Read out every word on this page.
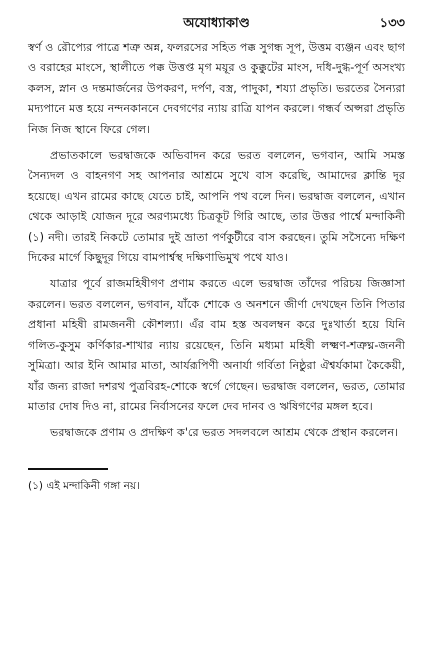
অযোধ্যাকাণ্ড	১৩৩

স্বর্ণ ও রৌপ্যের পাত্রে শত্রু অন্ন, ফলরসের সহিত পক্ক সুগন্ধ সূপ, উত্তম ব্যঞ্জন এবং ছাগ ও বরাহের মাংসে, স্থালীতে পক্ক উত্তপ্ত মৃগ ময়ূর ও কুক্কুটের মাংস, দধি-দুগ্ধ-পূর্ণ অসংখ্য কলস, স্নান ও দন্তমার্জনের উপকরণ, দর্পণ, বস্ত্র, পাদুকা, শয্যা প্রভৃতি। ভরতের সৈন্যরা মদ্যপানে মত্ত হয়ে নন্দনকাননে দেবগণের ন্যায় রাত্রি যাপন করলে। গন্ধর্ব অপ্সরা প্রভৃতি নিজ নিজ স্থানে ফিরে গেল।

প্রভাতকালে ভরদ্বাজকে অভিবাদন করে ভরত বললেন, ভগবান, আমি সমস্ত সৈন্যদল ও বাহনগণ সহ আপনার আশ্রমে সুখে বাস করেছি, আমাদের ক্লান্তি দূর হয়েছে। এখন রামের কাছে যেতে চাই, আপনি পথ বলে দিন। ভরদ্বাজ বললেন, এখান থেকে আড়াই যোজন দূরে অরণ্যমধ্যে চিত্রকূট গিরি আছে, তার উত্তর পার্শ্বে মন্দাকিনী (১) নদী। তারই নিকটে তোমার দুই ভ্রাতা পর্ণকুটীরে বাস করছেন। তুমি সসৈন্যে দক্ষিণ দিকের মার্গে কিছুদূর গিয়ে বামপার্শ্বস্থ দক্ষিণাভিমুখ পথে যাও।

যাত্রার পূর্বে রাজমহিষীগণ প্রণাম করতে এলে ভরদ্বাজ তাঁদের পরিচয় জিজ্ঞাসা করলেন। ভরত বললেন, ভগবান, যাঁকে শোকে ও অনশনে জীর্ণা দেখছেন তিনি পিতার প্রধানা মহিষী রামজননী কৌশল্যা। এঁর বাম হস্ত অবলম্বন করে দুঃখার্তা হয়ে যিনি গলিত-কুসুম কর্ণিকার-শাখার ন্যায় রয়েছেন, তিনি মধ্যমা মহিষী লক্ষ্মণ-শত্রুঘ্ন-জননী সুমিত্রা। আর ইনি আমার মাতা, আর্যরূপিণী অনার্যা গর্বিতা নিষ্ঠুরা ঐশ্বর্যকামা কৈকেয়ী, যাঁর জন্য রাজা দশরথ পুত্রবিরহ-শোকে স্বর্গে গেছেন। ভরদ্বাজ বললেন, ভরত, তোমার মাতার দোষ দিও না, রামের নির্বাসনের ফলে দেব দানব ও ঋষিগণের মঙ্গল হবে।

ভরদ্বাজকে প্রণাম ও প্রদক্ষিণ ক'রে ভরত সদলবলে আশ্রম থেকে প্রস্থান করলেন।

(১) এই মন্দাকিনী গঙ্গা নয়।
